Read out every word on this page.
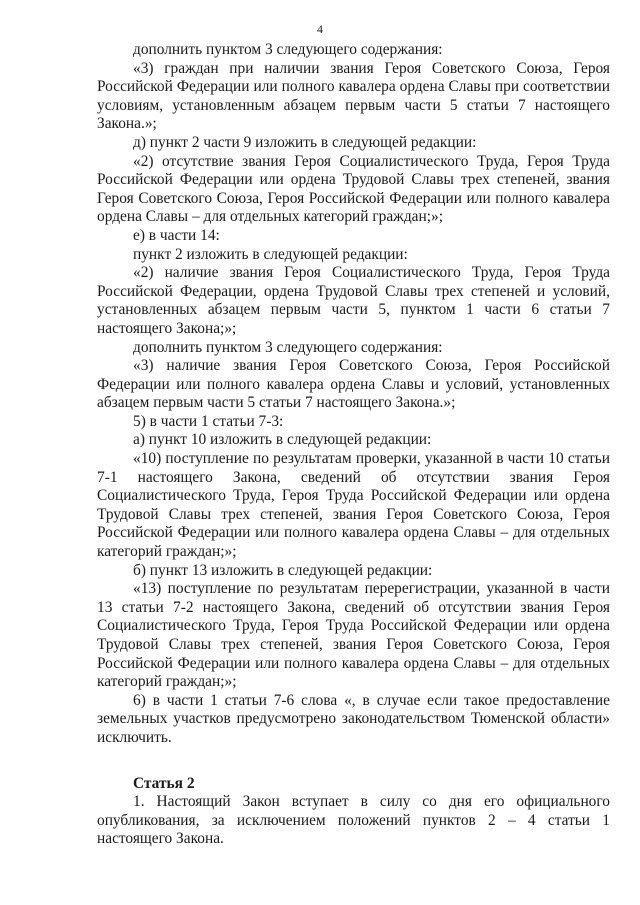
4

дополнить пунктом 3 следующего содержания:

«3) граждан при наличии звания Героя Советского Союза, Героя Российской Федерации или полного кавалера ордена Славы при соответствии условиям, установленным абзацем первым части 5 статьи 7 настоящего Закона.»;

д) пункт 2 части 9 изложить в следующей редакции:

«2) отсутствие звания Героя Социалистического Труда, Героя Труда Российской Федерации или ордена Трудовой Славы трех степеней, звания Героя Советского Союза, Героя Российской Федерации или полного кавалера ордена Славы – для отдельных категорий граждан;»;

е) в части 14:

пункт 2 изложить в следующей редакции:

«2) наличие звания Героя Социалистического Труда, Героя Труда Российской Федерации, ордена Трудовой Славы трех степеней и условий, установленных абзацем первым части 5, пунктом 1 части 6 статьи 7 настоящего Закона;»;

дополнить пунктом 3 следующего содержания:

«3) наличие звания Героя Советского Союза, Героя Российской Федерации или полного кавалера ордена Славы и условий, установленных абзацем первым части 5 статьи 7 настоящего Закона.»;

5) в части 1 статьи 7-3:

а) пункт 10 изложить в следующей редакции:

«10) поступление по результатам проверки, указанной в части 10 статьи 7-1 настоящего Закона, сведений об отсутствии звания Героя Социалистического Труда, Героя Труда Российской Федерации или ордена Трудовой Славы трех степеней, звания Героя Советского Союза, Героя Российской Федерации или полного кавалера ордена Славы – для отдельных категорий граждан;»;

б) пункт 13 изложить в следующей редакции:

«13) поступление по результатам перерегистрации, указанной в части 13 статьи 7-2 настоящего Закона, сведений об отсутствии звания Героя Социалистического Труда, Героя Труда Российской Федерации или ордена Трудовой Славы трех степеней, звания Героя Советского Союза, Героя Российской Федерации или полного кавалера ордена Славы – для отдельных категорий граждан;»;

6) в части 1 статьи 7-6 слова «, в случае если такое предоставление земельных участков предусмотрено законодательством Тюменской области» исключить.

Статья 2

1. Настоящий Закон вступает в силу со дня его официального опубликования, за исключением положений пунктов 2 – 4 статьи 1 настоящего Закона.
